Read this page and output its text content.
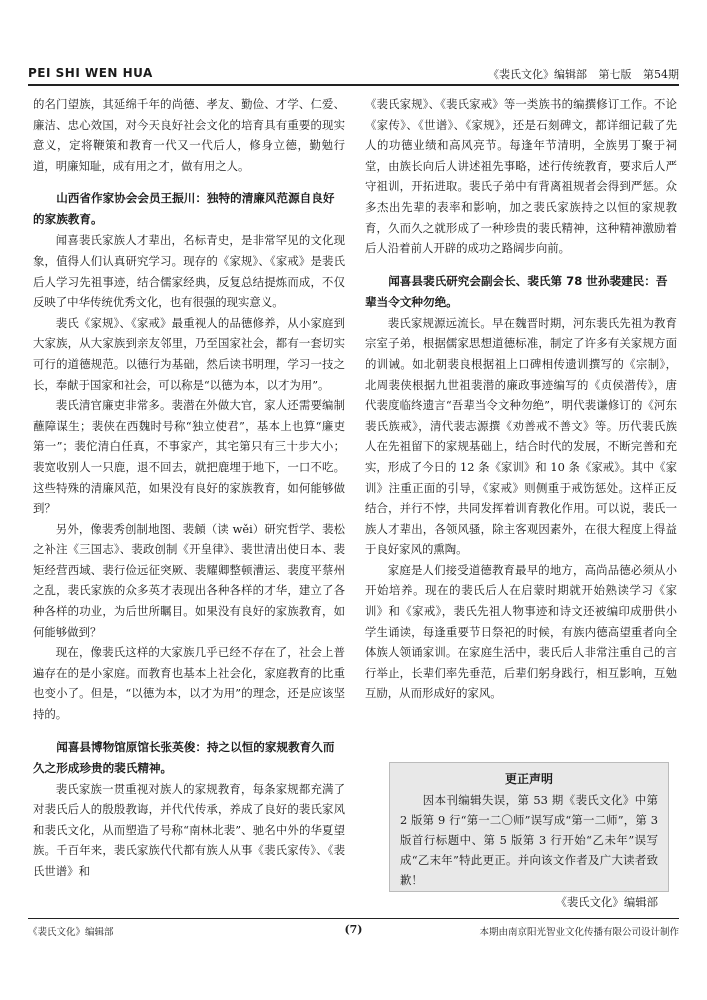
PEI SHI WEN HUA	《裴氏文化》编辑部 第七版 第54期

的名门望族，其延绵千年的尚德、孝友、勤俭、才学、仁爱、廉洁、忠心效国，对今天良好社会文化的培育具有重要的现实意义，定将鞭策和教育一代又一代后人，修身立德，勤勉行道，明廉知耻，成有用之才，做有用之人。

山西省作家协会会员王振川：独特的清廉风范源自良好的家族教育。

闻喜裴氏家族人才辈出，名标青史，是非常罕见的文化现象，值得人们认真研究学习。现存的《家规》、《家戒》是裴氏后人学习先祖事迹，结合儒家经典，反复总结提炼而成，不仅反映了中华传统优秀文化，也有很强的现实意义。

裴氏《家规》、《家戒》最重视人的品德修养，从小家庭到大家族，从大家族到亲友邻里，乃至国家社会，都有一套切实可行的道德规范。以德行为基础，然后读书明理，学习一技之长，奉献于国家和社会，可以称是“以德为本，以才为用”。

裴氏清官廉吏非常多。裴潜在外做大官，家人还需要编制蘸障谋生；裴侠在西魏时号称“独立使君”，基本上也算“廉吏第一”；裴佗清白任真，不事家产，其宅第只有三十步大小；裴宽收别人一只鹿，退不回去，就把鹿埋于地下，一口不吃。这些特殊的清廉风范，如果没有良好的家族教育，如何能够做到？

另外，像裴秀创制地图、裴頠（读 wěi）研究哲学、裴松之补注《三国志》、裴政创制《开皇律》、裴世清出使日本、裴矩经营西域、裴行俭远征突厥、裴耀卿整顿漕运、裴度平蔡州之乱，裴氏家族的众多英才表现出各种各样的才华，建立了各种各样的功业，为后世所瞩目。如果没有良好的家族教育，如何能够做到？

现在，像裴氏这样的大家族几乎已经不存在了，社会上普遍存在的是小家庭。而教育也基本上社会化，家庭教育的比重也变小了。但是，“以德为本，以才为用”的理念，还是应该坚持的。

闻喜县博物馆原馆长张英俊：持之以恒的家规教育久而久之形成珍贵的裴氏精神。

裴氏家族一贯重视对族人的家规教育，每条家规都充满了对裴氏后人的殷殷教诲，并代代传承，养成了良好的裴氏家风和裴氏文化，从而塑造了号称“南林北裴”、驰名中外的华夏望族。千百年来，裴氏家族代代都有族人从事《裴氏家传》、《裴氏世谱》和

《裴氏家规》、《裴氏家戒》等一类族书的编撰修订工作。不论《家传》、《世谱》、《家规》，还是石刻碑文，都详细记载了先人的功德业绩和高风亮节。每逢年节清明，全族男丁聚于祠堂，由族长向后人讲述祖先事略，述行传统教育，要求后人严守祖训，开拓进取。裴氏子弟中有背离祖规者会得到严惩。众多杰出先辈的表率和影响，加之裴氏家族持之以恒的家规教育，久而久之就形成了一种珍贵的裴氏精神，这种精神激励着后人沿着前人开辟的成功之路阔步向前。

闻喜县裴氏研究会副会长、裴氏第 78 世孙裴建民：吾辈当令文种勿绝。

裴氏家规源远流长。早在魏晋时期，河东裴氏先祖为教育宗室子弟，根据儒家思想道德标准，制定了许多有关家规方面的训诫。如北朝裴良根据祖上口碑相传遗训撰写的《宗制》，北周裴侠根据九世祖裴潜的廉政事迹编写的《贞侯潜传》，唐代裴度临终遗言“吾辈当令文种勿绝”，明代裴谦修订的《河东裴氏族戒》，清代裴志源撰《劝善戒不善文》等。历代裴氏族人在先祖留下的家规基础上，结合时代的发展，不断完善和充实，形成了今日的 12 条《家训》和 10 条《家戒》。其中《家训》注重正面的引导，《家戒》则侧重于戒饬惩处。这样正反结合，并行不悖，共同发挥着训育教化作用。可以说，裴氏一族人才辈出，各领风骚，除主客观因素外，在很大程度上得益于良好家风的熏陶。

家庭是人们接受道德教育最早的地方，高尚品德必须从小开始培养。现在的裴氏后人在启蒙时期就开始熟读学习《家训》和《家戒》，裴氏先祖人物事迹和诗文还被编印成册供小学生诵读，每逢重要节日祭祀的时候，有族内德高望重者向全体族人领诵家训。在家庭生活中，裴氏后人非常注重自己的言行举止，长辈们率先垂范，后辈们躬身践行，相互影响，互勉互励，从而形成好的家风。

更正声明

因本刊编辑失误，第 53 期《裴氏文化》中第 2 版第 9 行“第一二〇师”误写成“第一二师”，第 3 版首行标题中、第 5 版第 3 行开始“乙未年”误写成“乙末年”特此更正。并向该文作者及广大读者致歉！

《裴氏文化》编辑部
《裴氏文化》编辑部	(7)	本期由南京阳光智业文化传播有限公司设计制作
